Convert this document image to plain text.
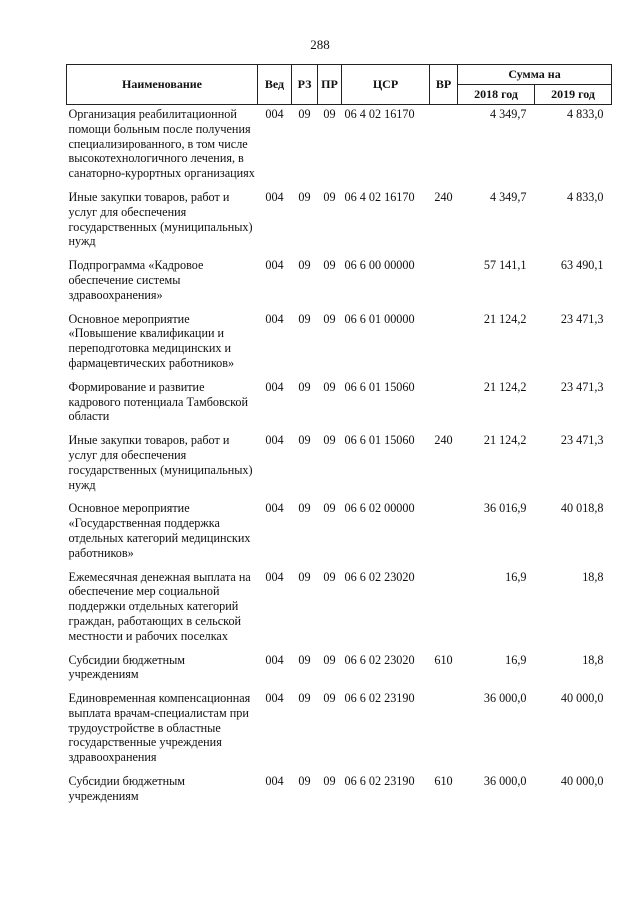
288
Наименование	Вед	РЗ	ПР	ЦСР	ВР	Сумма на	
						2018 год	2019 год
Организация реабилитационной помощи больным после получения специализированного, в том числе высокотехнологичного лечения, в санаторно-курортных организациях	004	09	09	06 4 02 16170		4 349,7	4 833,0
Иные закупки товаров, работ и услуг для обеспечения государственных (муниципальных) нужд	004	09	09	06 4 02 16170	240	4 349,7	4 833,0
Подпрограмма «Кадровое обеспечение системы здравоохранения»	004	09	09	06 6 00 00000		57 141,1	63 490,1
Основное мероприятие «Повышение квалификации и переподготовка медицинских и фармацевтических работников»	004	09	09	06 6 01 00000		21 124,2	23 471,3
Формирование и развитие кадрового потенциала Тамбовской области	004	09	09	06 6 01 15060		21 124,2	23 471,3
Иные закупки товаров, работ и услуг для обеспечения государственных (муниципальных) нужд	004	09	09	06 6 01 15060	240	21 124,2	23 471,3
Основное мероприятие «Государственная поддержка отдельных категорий медицинских работников»	004	09	09	06 6 02 00000		36 016,9	40 018,8
Ежемесячная денежная выплата на обеспечение мер социальной поддержки отдельных категорий граждан, работающих в сельской местности и рабочих поселках	004	09	09	06 6 02 23020		16,9	18,8
Субсидии бюджетным учреждениям	004	09	09	06 6 02 23020	610	16,9	18,8
Единовременная компенсационная выплата врачам-специалистам при трудоустройстве в областные государственные учреждения здравоохранения	004	09	09	06 6 02 23190		36 000,0	40 000,0
Субсидии бюджетным учреждениям	004	09	09	06 6 02 23190	610	36 000,0	40 000,0
